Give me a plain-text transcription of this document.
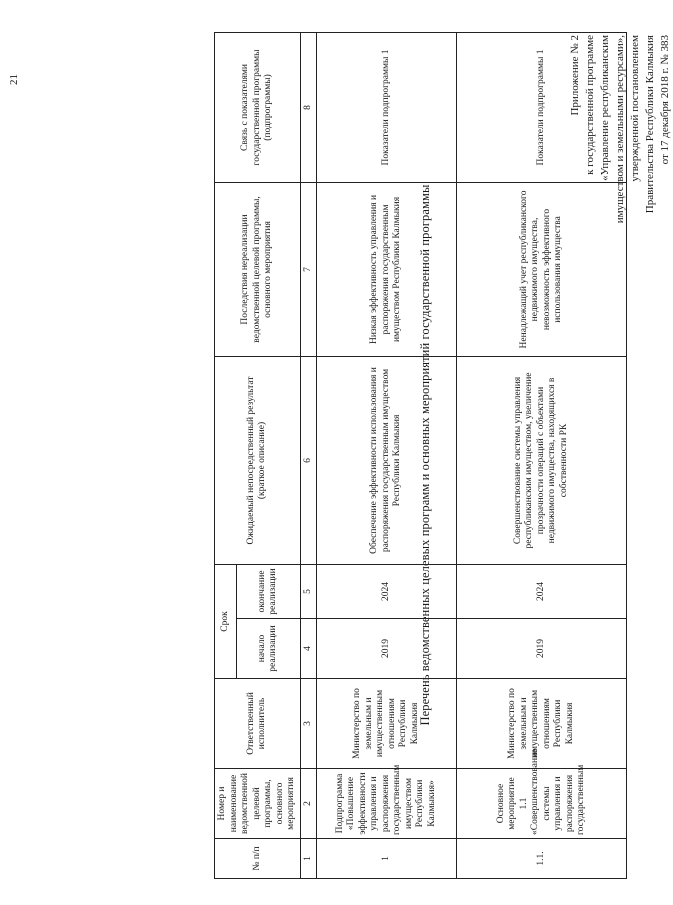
Приложение № 2 к государственной программе «Управление республиканским имуществом и земельными ресурсами», утвержденной постановлением Правительства Республики Калмыкия от 17 декабря 2018 г. № 383
Перечень ведомственных целевых программ и основных мероприятий государственной программы
№ п/п	Номер и наименование ведомственной целевой программы, основного мероприятия	Ответственный исполнитель	Срок		Ожидаемый непосредственный результат (краткое описание)	Последствия нереализации ведомственной целевой программы, основного мероприятия	Связь с показателями государственной программы (подпрограммы)
			начало реализации	окончание реализации			
1	2	3	4	5	6	7	8
1	Подпрограмма «Повышение эффективности управления и распоряжения государственным имуществом Республики Калмыкия»	Министерство по земельным и имущественным отношениям Республики Калмыкия	2019	2024	Обеспечение эффективности использования и распоряжения государственным имуществом Республики Калмыкия	Низкая эффективность управления и распоряжения государственным имуществом Республики Калмыкия	Показатели подпрограммы 1
1.1.	Основное мероприятие 1.1 «Совершенствование системы управления и распоряжения государственным	Министерство по земельным и имущественным отношениям Республики Калмыкия	2019	2024	Совершенствование системы управления республиканским имуществом, увеличение прозрачности операций с объектами недвижимого имущества, находящихся в собственности РК	Ненадлежащий учет республиканского недвижимого имущества, невозможность эффективного использования имущества	Показатели подпрограммы 1
21
